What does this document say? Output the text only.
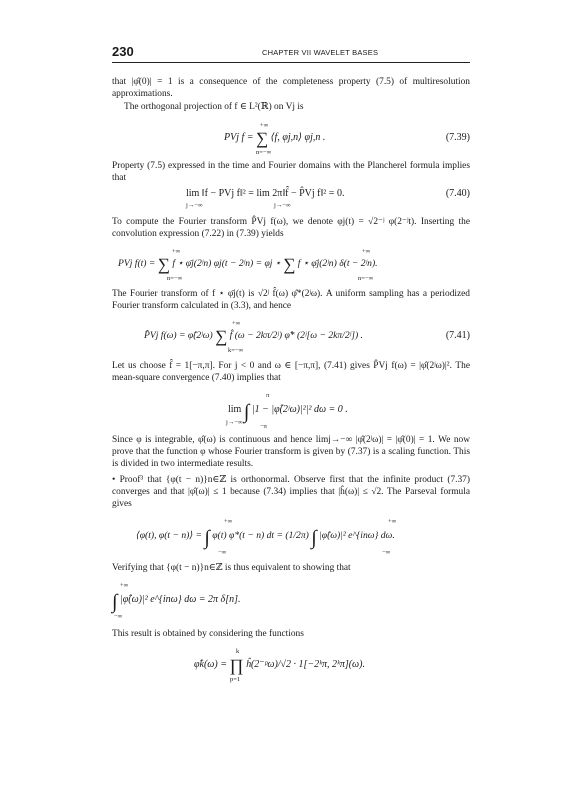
230	CHAPTER VII WAVELET BASES

that |φ̂(0)| = 1 is a consequence of the completeness property (7.5) of multiresolution approximations.

The orthogonal projection of f ∈ L²(ℝ) on Vj is

+∞
PVj f = ∑ ⟨f, φj,n⟩ φj,n .
n=−∞
(7.39)

Property (7.5) expressed in the time and Fourier domains with the Plancherel formula implies that

lim ‖f − PVj f‖² = lim 2π‖f̂ − P̂Vj f‖² = 0.
j→−∞	j→−∞
(7.40)

To compute the Fourier transform P̂Vj f(ω), we denote φj(t) = √2⁻ʲ φ(2⁻ʲt). Inserting the convolution expression (7.22) in (7.39) yields

+∞	+∞
PVj f(t) = ∑ f ⋆ φ̄j(2ʲn) φj(t − 2ʲn) = φj ⋆ ∑ f ⋆ φ̄j(2ʲn) δ(t − 2ʲn).
n=−∞	n=−∞

The Fourier transform of f ⋆ φ̄j(t) is √2ʲ f̂(ω) φ̂*(2ʲω). A uniform sampling has a periodized Fourier transform calculated in (3.3), and hence

+∞
P̂Vj f(ω) = φ̂(2ʲω) ∑ f̂ (ω − 2kπ/2ʲ) φ̂* (2ʲ[ω − 2kπ/2ʲ]) .
k=−∞
(7.41)

Let us choose f̂ = 1[−π,π]. For j < 0 and ω ∈ [−π,π], (7.41) gives P̂Vj f(ω) = |φ̂(2ʲω)|². The mean-square convergence (7.40) implies that

π
lim ∫ |1 − |φ̂(2ʲω)|²|² dω = 0 .
j→−∞
−π

Since φ is integrable, φ̂(ω) is continuous and hence limj→−∞ |φ̂(2ʲω)| = |φ̂(0)| = 1. We now prove that the function φ whose Fourier transform is given by (7.37) is a scaling function. This is divided in two intermediate results.

• Proof³ that {φ(t − n)}n∈ℤ is orthonormal. Observe first that the infinite product (7.37) converges and that |φ̂(ω)| ≤ 1 because (7.34) implies that |ĥ(ω)| ≤ √2. The Parseval formula gives

+∞	+∞
⟨φ(t), φ(t − n)⟩ = ∫ φ(t) φ*(t − n) dt = (1/2π) ∫ |φ̂(ω)|² e^{inω} dω.
−∞	−∞

Verifying that {φ(t − n)}n∈ℤ is thus equivalent to showing that

+∞
∫ |φ̂(ω)|² e^{inω} dω = 2π δ[n].
−∞

This result is obtained by considering the functions

k
φ̂k(ω) = ∏ ĥ(2⁻ᵖω)/√2 · 1[−2ᵏπ, 2ᵏπ](ω).
p=1
